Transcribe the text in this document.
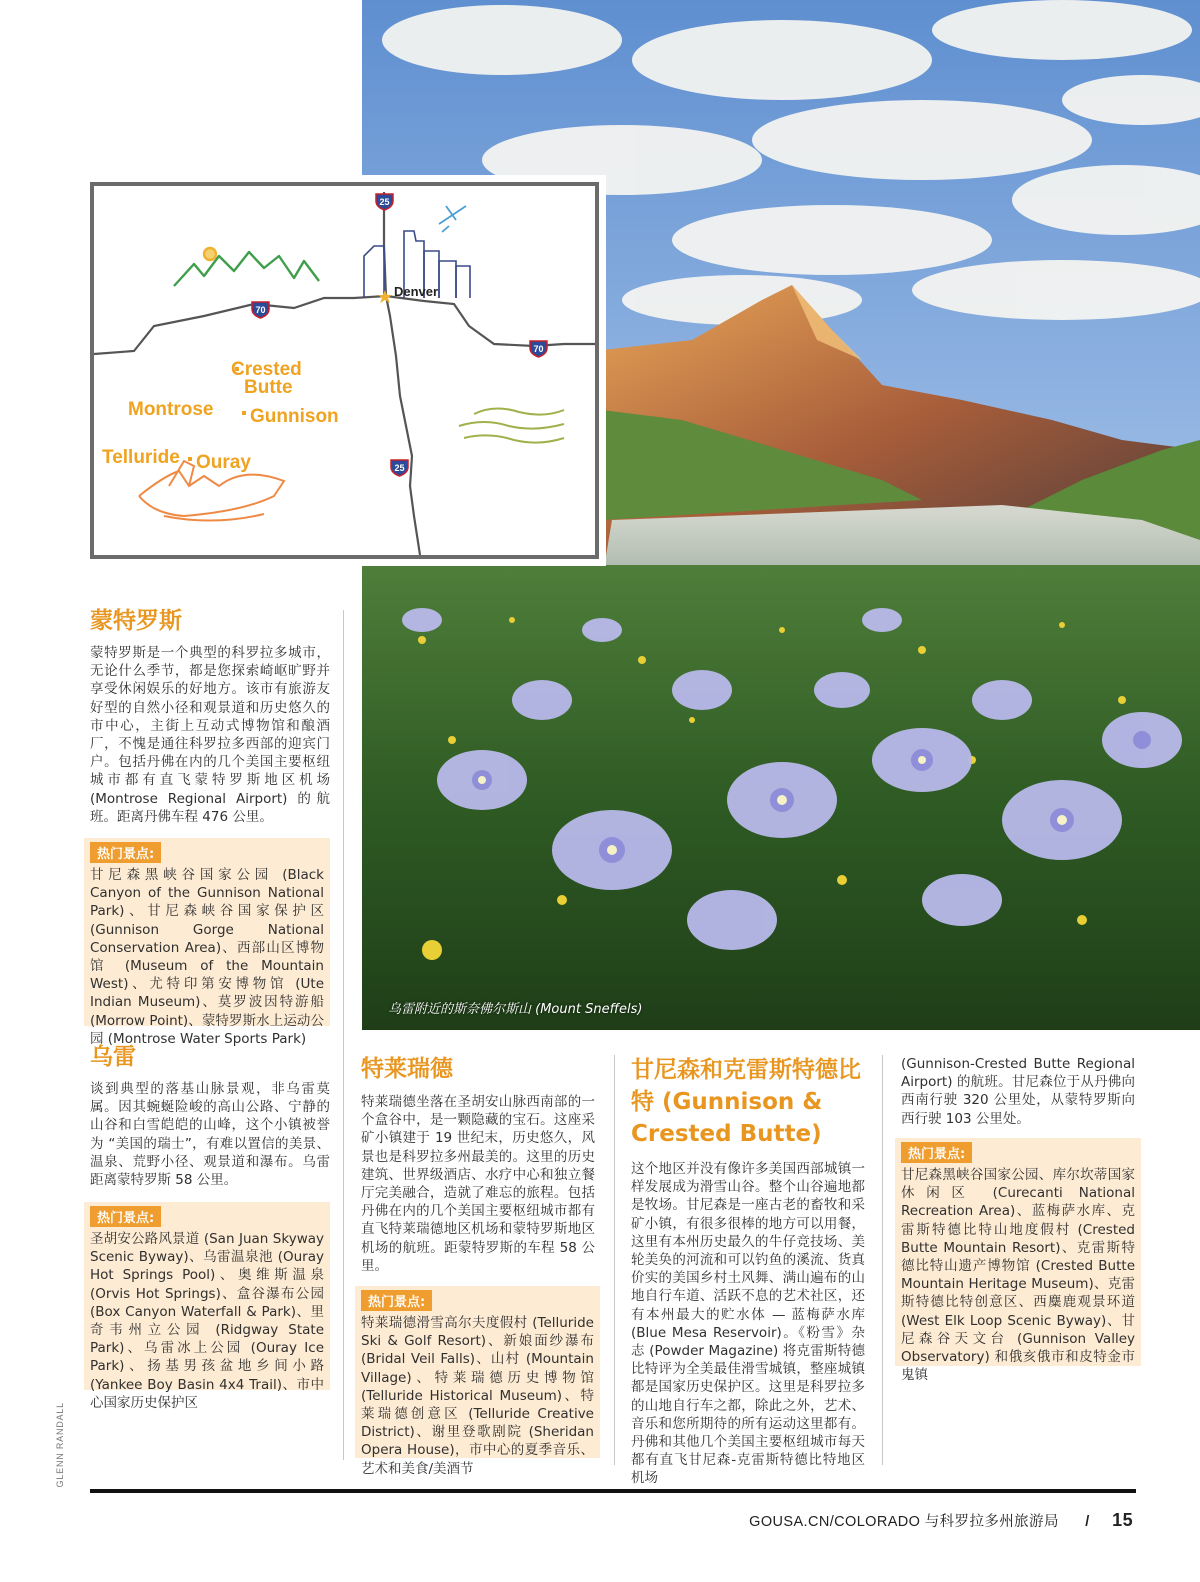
乌雷附近的斯奈佛尔斯山 (Mount Sneffels)
25
70
70
25
Denver
Crested
Butte
Montrose Gunnison
Telluride Ouray
蒙特罗斯
蒙特罗斯是一个典型的科罗拉多城市，无论什么季节，都是您探索崎岖旷野并享受休闲娱乐的好地方。该市有旅游友好型的自然小径和观景道和历史悠久的市中心，主街上互动式博物馆和酿酒厂，不愧是通往科罗拉多西部的迎宾门户。包括丹佛在内的几个美国主要枢纽城市都有直飞蒙特罗斯地区机场 (Montrose Regional Airport) 的航班。距离丹佛车程 476 公里。
热门景点:
甘尼森黑峡谷国家公园 (Black Canyon of the Gunnison National Park)、甘尼森峡谷国家保护区 (Gunnison Gorge National Conservation Area)、西部山区博物馆 (Museum of the Mountain West)、尤特印第安博物馆 (Ute Indian Museum)、莫罗波因特游船 (Morrow Point)、蒙特罗斯水上运动公园 (Montrose Water Sports Park)
乌雷
谈到典型的落基山脉景观，非乌雷莫属。因其蜿蜒险峻的高山公路、宁静的山谷和白雪皑皑的山峰，这个小镇被誉为 “美国的瑞士”，有难以置信的美景、温泉、荒野小径、观景道和瀑布。乌雷距离蒙特罗斯 58 公里。
热门景点:
圣胡安公路风景道 (San Juan Skyway Scenic Byway)、乌雷温泉池 (Ouray Hot Springs Pool)、奥维斯温泉 (Orvis Hot Springs)、盒谷瀑布公园 (Box Canyon Waterfall & Park)、里奇韦州立公园 (Ridgway State Park)、乌雷冰上公园 (Ouray Ice Park)、扬基男孩盆地乡间小路 (Yankee Boy Basin 4x4 Trail)、市中心国家历史保护区
特莱瑞德
特莱瑞德坐落在圣胡安山脉西南部的一个盒谷中，是一颗隐藏的宝石。这座采矿小镇建于 19 世纪末，历史悠久，风景也是科罗拉多州最美的。这里的历史建筑、世界级酒店、水疗中心和独立餐厅完美融合，造就了难忘的旅程。包括丹佛在内的几个美国主要枢纽城市都有直飞特莱瑞德地区机场和蒙特罗斯地区机场的航班。距蒙特罗斯的车程 58 公里。
热门景点:
特莱瑞德滑雪高尔夫度假村 (Telluride Ski & Golf Resort)、新娘面纱瀑布 (Bridal Veil Falls)、山村 (Mountain Village)、特莱瑞德历史博物馆 (Telluride Historical Museum)、特莱瑞德创意区 (Telluride Creative District)、谢里登歌剧院 (Sheridan Opera House)，市中心的夏季音乐、艺术和美食/美酒节
甘尼森和克雷斯特德比特 (Gunnison & Crested Butte)
这个地区并没有像许多美国西部城镇一样发展成为滑雪山谷。整个山谷遍地都是牧场。甘尼森是一座古老的畜牧和采矿小镇，有很多很棒的地方可以用餐，这里有本州历史最久的牛仔竞技场、美轮美奂的河流和可以钓鱼的溪流、货真价实的美国乡村土风舞、满山遍布的山地自行车道、活跃不息的艺术社区，还有本州最大的贮水体 — 蓝梅萨水库 (Blue Mesa Reservoir)。《粉雪》杂志 (Powder Magazine) 将克雷斯特德比特评为全美最佳滑雪城镇，整座城镇都是国家历史保护区。这里是科罗拉多的山地自行车之都，除此之外，艺术、音乐和您所期待的所有运动这里都有。丹佛和其他几个美国主要枢纽城市每天都有直飞甘尼森-克雷斯特德比特地区机场
(Gunnison-Crested Butte Regional Airport) 的航班。甘尼森位于从丹佛向西南行驶 320 公里处，从蒙特罗斯向西行驶 103 公里处。
热门景点:
甘尼森黑峡谷国家公园、库尔坎蒂国家休闲区 (Curecanti National Recreation Area)、蓝梅萨水库、克雷斯特德比特山地度假村 (Crested Butte Mountain Resort)、克雷斯特德比特山遗产博物馆 (Crested Butte Mountain Heritage Museum)、克雷斯特德比特创意区、西麋鹿观景环道 (West Elk Loop Scenic Byway)、甘尼森谷天文台 (Gunnison Valley Observatory) 和俄亥俄市和皮特金市鬼镇
GLENN RANDALL
GOUSA.CN/COLORADO 与科罗拉多州旅游局 / 15
